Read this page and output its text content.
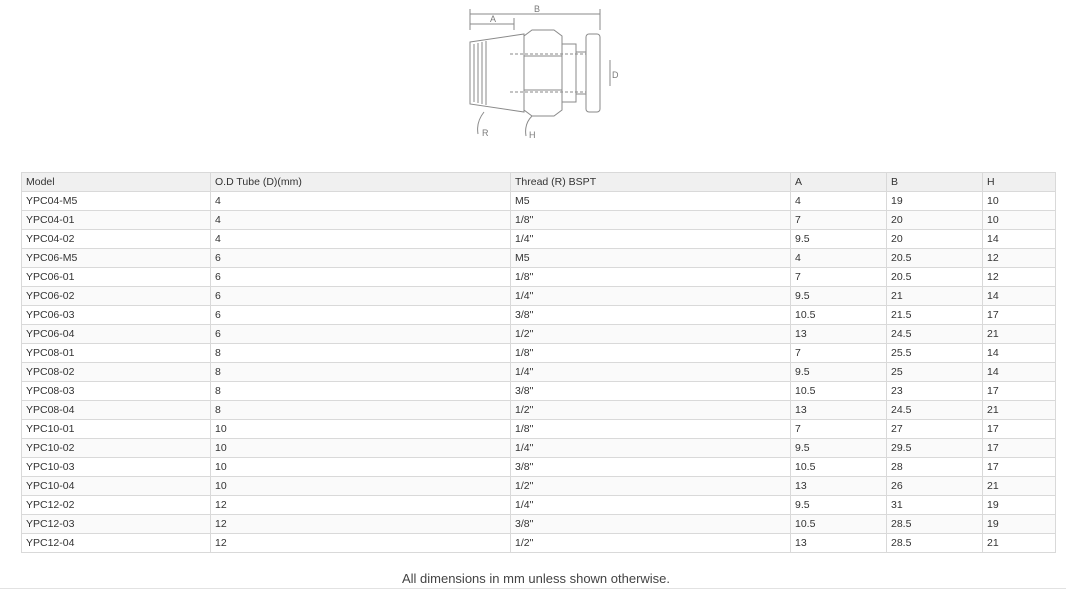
A
B
D
R	H
Model	O.D Tube (D)(mm)	Thread (R) BSPT	A	B	H
YPC04-M5	4	M5	4	19	10
YPC04-01	4	1/8"	7	20	10
YPC04-02	4	1/4"	9.5	20	14
YPC06-M5	6	M5	4	20.5	12
YPC06-01	6	1/8"	7	20.5	12
YPC06-02	6	1/4"	9.5	21	14
YPC06-03	6	3/8"	10.5	21.5	17
YPC06-04	6	1/2"	13	24.5	21
YPC08-01	8	1/8"	7	25.5	14
YPC08-02	8	1/4"	9.5	25	14
YPC08-03	8	3/8"	10.5	23	17
YPC08-04	8	1/2"	13	24.5	21
YPC10-01	10	1/8"	7	27	17
YPC10-02	10	1/4"	9.5	29.5	17
YPC10-03	10	3/8"	10.5	28	17
YPC10-04	10	1/2"	13	26	21
YPC12-02	12	1/4"	9.5	31	19
YPC12-03	12	3/8"	10.5	28.5	19
YPC12-04	12	1/2"	13	28.5	21
All dimensions in mm unless shown otherwise.
